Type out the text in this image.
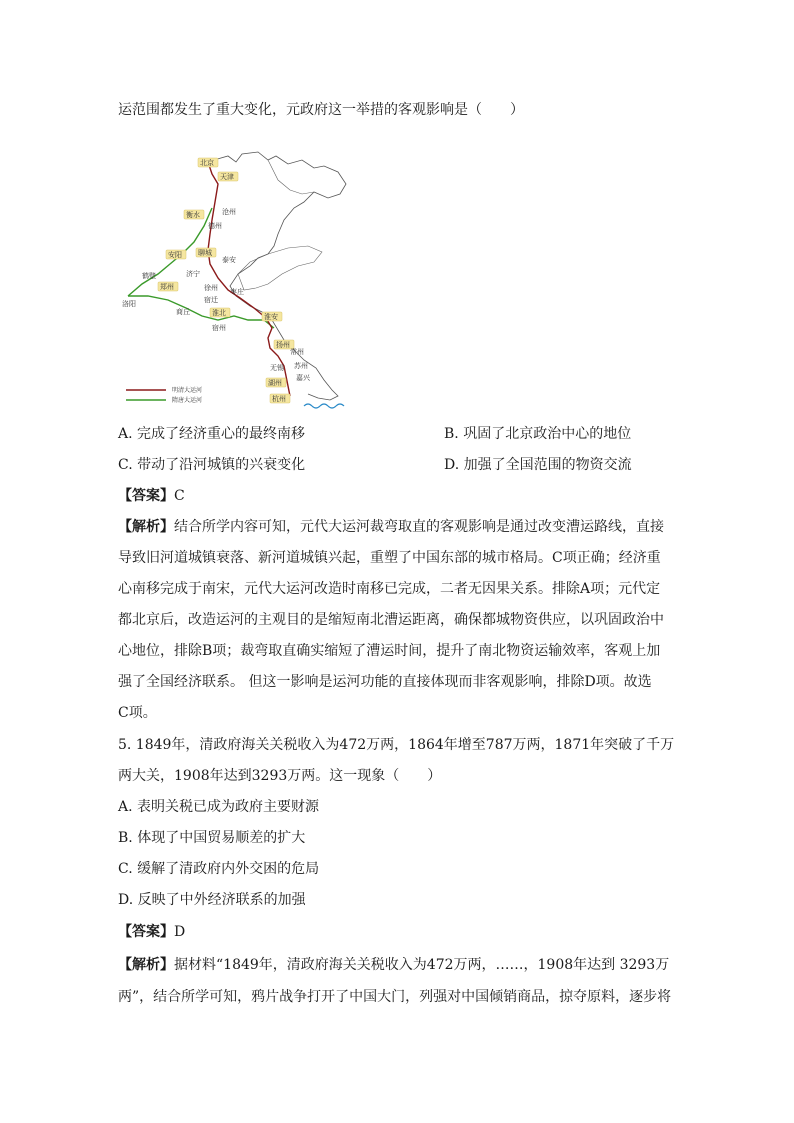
运范围都发生了重大变化，元政府这一举措的客观影响是（　　）
北京
天津
衡水	沧州
德州
安阳 聊城
泰安
鹤壁	济宁
郑州	徐州
洛阳	宿迁
枣庄
商丘	淮北	淮安
宿州
扬州
常州
无锡 苏州
湖州
嘉兴
杭州
明清大运河
隋唐大运河
A. 完成了经济重心的最终南移	B. 巩固了北京政治中心的地位
C. 带动了沿河城镇的兴衰变化	D. 加强了全国范围的物资交流
【答案】C
【解析】结合所学内容可知，元代大运河裁弯取直的客观影响是通过改变漕运路线，直接
导致旧河道城镇衰落、新河道城镇兴起，重塑了中国东部的城市格局。C项正确；经济重
心南移完成于南宋，元代大运河改造时南移已完成，二者无因果关系。排除A项；元代定
都北京后，改造运河的主观目的是缩短南北漕运距离，确保都城物资供应，以巩固政治中
心地位，排除B项；裁弯取直确实缩短了漕运时间，提升了南北物资运输效率，客观上加
强了全国经济联系。 但这一影响是运河功能的直接体现而非客观影响，排除D项。故选
C项。
5. 1849年，清政府海关关税收入为472万两，1864年增至787万两，1871年突破了千万
两大关，1908年达到3293万两。这一现象（　　）
A. 表明关税已成为政府主要财源
B. 体现了中国贸易顺差的扩大
C. 缓解了清政府内外交困的危局
D. 反映了中外经济联系的加强
【答案】D
【解析】据材料“1849年，清政府海关关税收入为472万两，……，1908年达到 3293万
两”，结合所学可知，鸦片战争打开了中国大门，列强对中国倾销商品，掠夺原料，逐步将
